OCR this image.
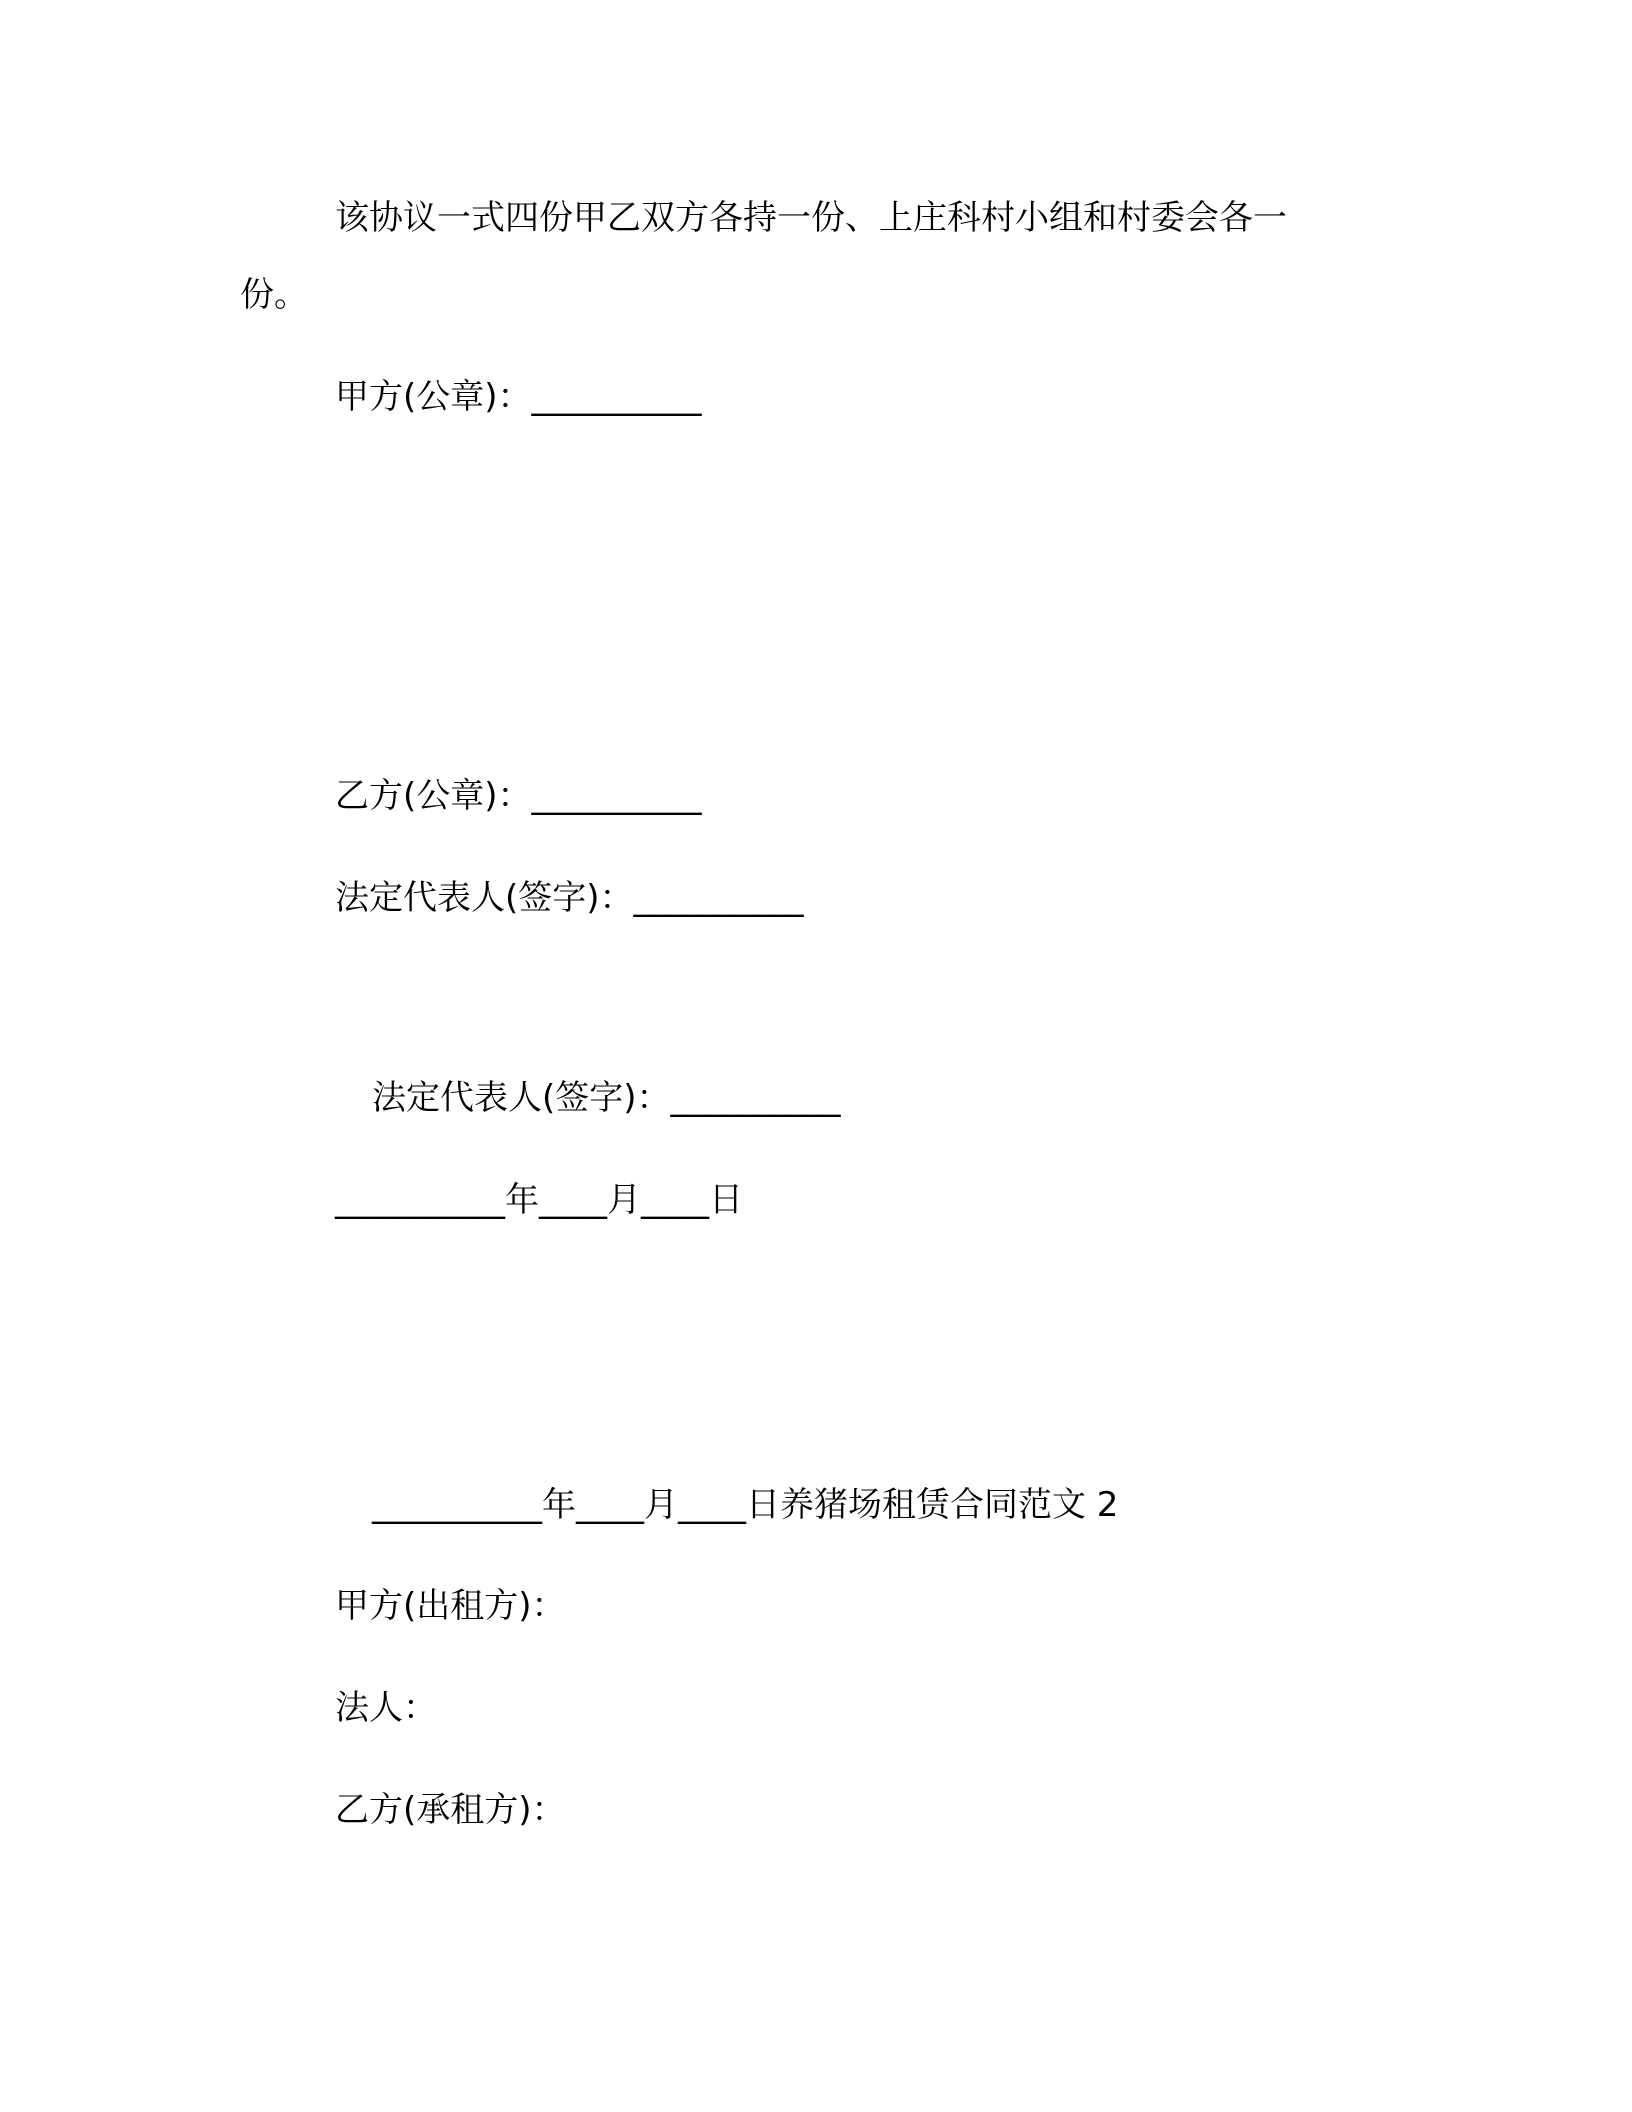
该协议一式四份甲乙双方各持一份、上庄科村小组和村委会各一
份。
甲方(公章)：__________
乙方(公章)：__________
法定代表人(签字)：__________
法定代表人(签字)：__________
__________年____月____日
__________年____月____日养猪场租赁合同范文 2
甲方(出租方)：
法人：
乙方(承租方)：
